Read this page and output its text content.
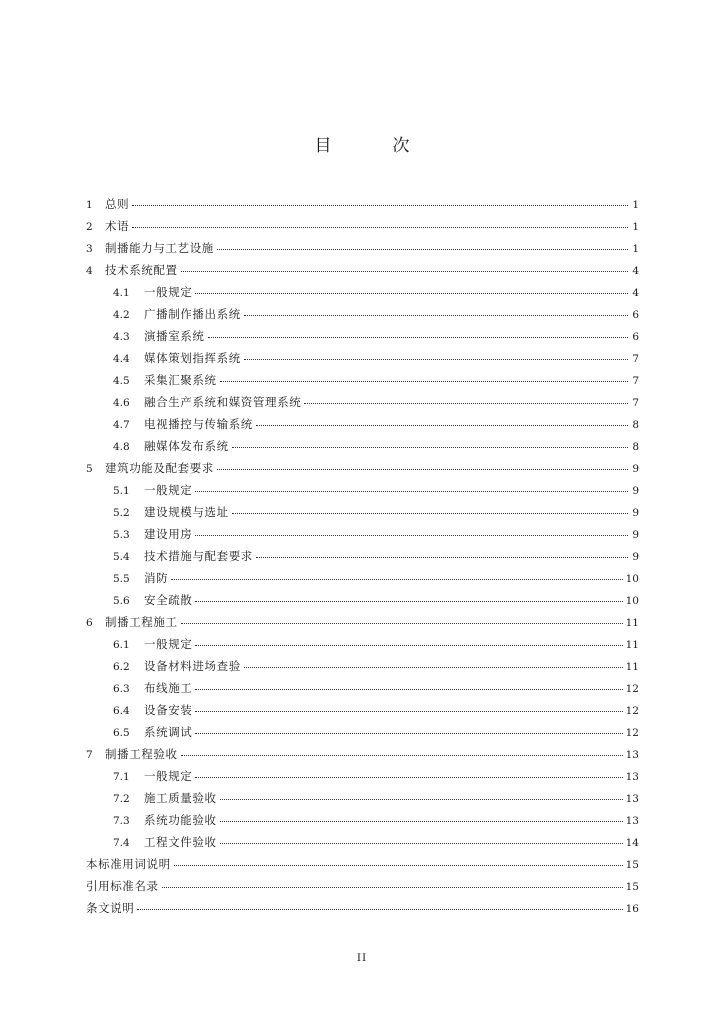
目　次
1	总则	1
2	术语	1
3	制播能力与工艺设施	1
4	技术系统配置	4
4.1	一般规定	4
4.2	广播制作播出系统	6
4.3	演播室系统	6
4.4	媒体策划指挥系统	7
4.5	采集汇聚系统	7
4.6	融合生产系统和媒资管理系统	7
4.7	电视播控与传输系统	8
4.8	融媒体发布系统	8
5	建筑功能及配套要求	9
5.1	一般规定	9
5.2	建设规模与选址	9
5.3	建设用房	9
5.4	技术措施与配套要求	9
5.5	消防	10
5.6	安全疏散	10
6	制播工程施工	11
6.1	一般规定	11
6.2	设备材料进场查验	11
6.3	布线施工	12
6.4	设备安装	12
6.5	系统调试	12
7	制播工程验收	13
7.1	一般规定	13
7.2	施工质量验收	13
7.3	系统功能验收	13
7.4	工程文件验收	14
本标准用词说明	15
引用标准名录	15
条文说明	16
II
